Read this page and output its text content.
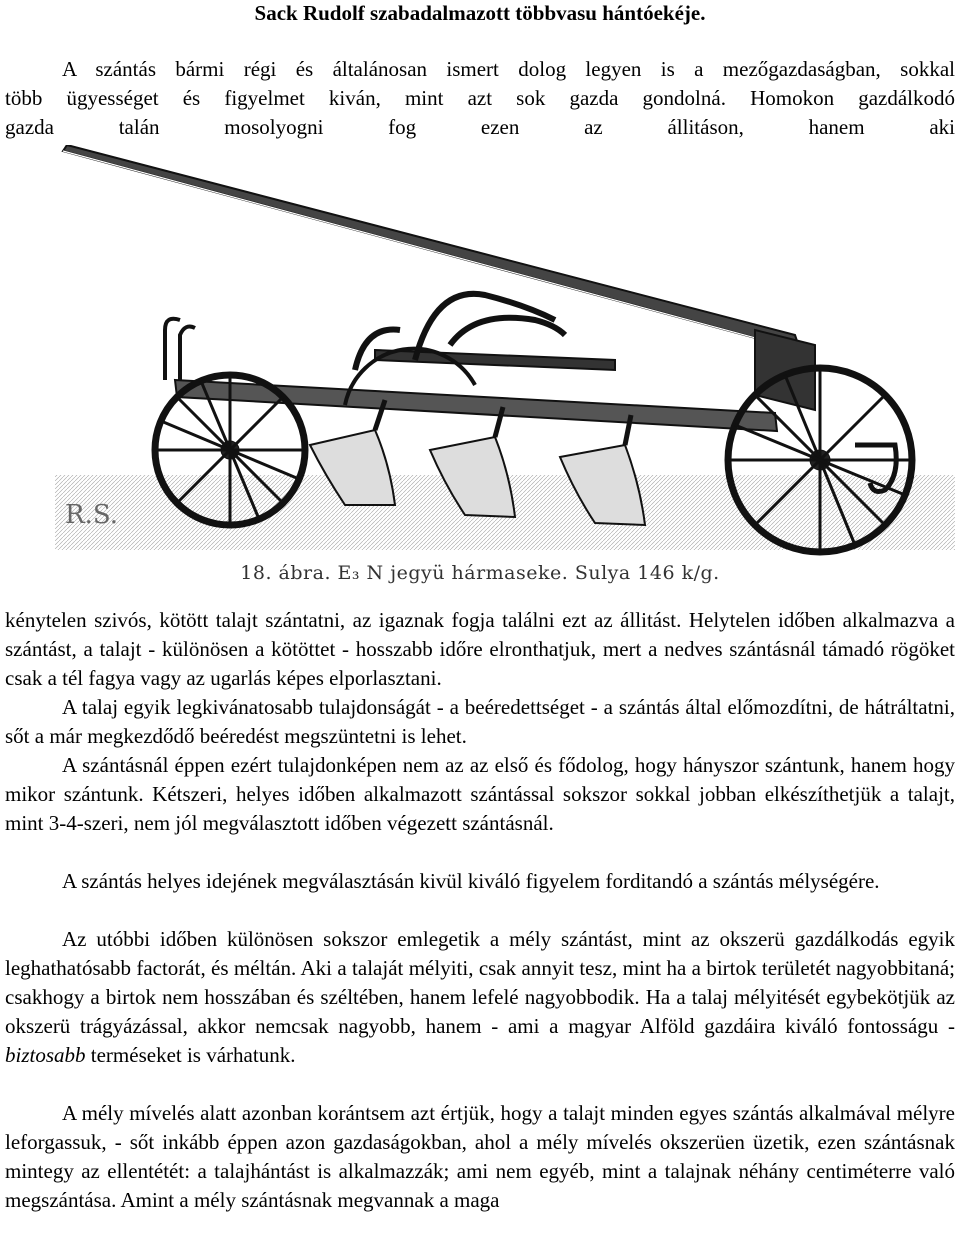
Sack Rudolf szabadalmazott többvasu hántóekéje.
A szántás bármi régi és általánosan ismert dolog legyen is a mezőgazdaságban, sokkal
több ügyességet és figyelmet kiván, mint azt sok gazda gondolná. Homokon gazdálkodó
gazda talán mosolyogni fog ezen az állitáson, hanem aki
R.S.
18. ábra. E₃ N jegyü hármaseke. Sulya 146 k/g.

kénytelen szivós, kötött talajt szántatni, az igaznak fogja találni ezt az állitást. Helytelen időben alkalmazva a szántást, a talajt - különösen a kötöttet - hosszabb időre elronthatjuk, mert a nedves szántásnál támadó rögöket csak a tél fagya vagy az ugarlás képes elporlasztani.

A talaj egyik legkivánatosabb tulajdonságát - a beéredettséget - a szántás által előmozdítni, de hátráltatni, sőt a már megkezdődő beéredést megszüntetni is lehet.

A szántásnál éppen ezért tulajdonképen nem az az első és fődolog, hogy hányszor szántunk, hanem hogy mikor szántunk. Kétszeri, helyes időben alkalmazott szántással sokszor sokkal jobban elkészíthetjük a talajt, mint 3-4-szeri, nem jól megválasztott időben végezett szántásnál.

A szántás helyes idejének megválasztásán kivül kiváló figyelem forditandó a szántás mélységére.

Az utóbbi időben különösen sokszor emlegetik a mély szántást, mint az okszerü gazdálkodás egyik leghathatósabb factorát, és méltán. Aki a talaját mélyiti, csak annyit tesz, mint ha a birtok területét nagyobbitaná; csakhogy a birtok nem hosszában és széltében, hanem lefelé nagyobbodik. Ha a talaj mélyitését egybekötjük az okszerü trágyázással, akkor nemcsak nagyobb, hanem - ami a magyar Alföld gazdáira kiváló fontosságu - biztosabb terméseket is várhatunk.

A mély mívelés alatt azonban korántsem azt értjük, hogy a talajt minden egyes szántás alkalmával mélyre leforgassuk, - sőt inkább éppen azon gazdaságokban, ahol a mély mívelés okszerüen üzetik, ezen szántásnak mintegy az ellentétét: a talajhántást is alkalmazzák; ami nem egyéb, mint a talajnak néhány centiméterre való megszántása. Amint a mély szántásnak megvannak a maga
